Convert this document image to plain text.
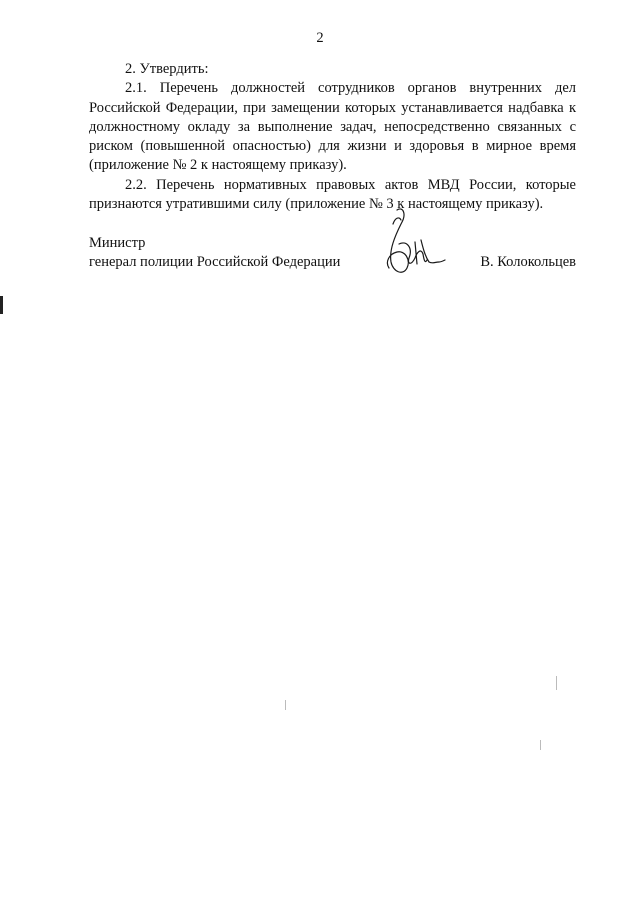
2

2. Утвердить:

2.1. Перечень должностей сотрудников органов внутренних дел Российской Федерации, при замещении которых устанавливается надбавка к должностному окладу за выполнение задач, непосредственно связанных с риском (повышенной опасностью) для жизни и здоровья в мирное время (приложение № 2 к настоящему приказу).

2.2. Перечень нормативных правовых актов МВД России, которые признаются утратившими силу (приложение № 3 к настоящему приказу).

Министр
генерал полиции Российской Федерации	В. Колокольцев
